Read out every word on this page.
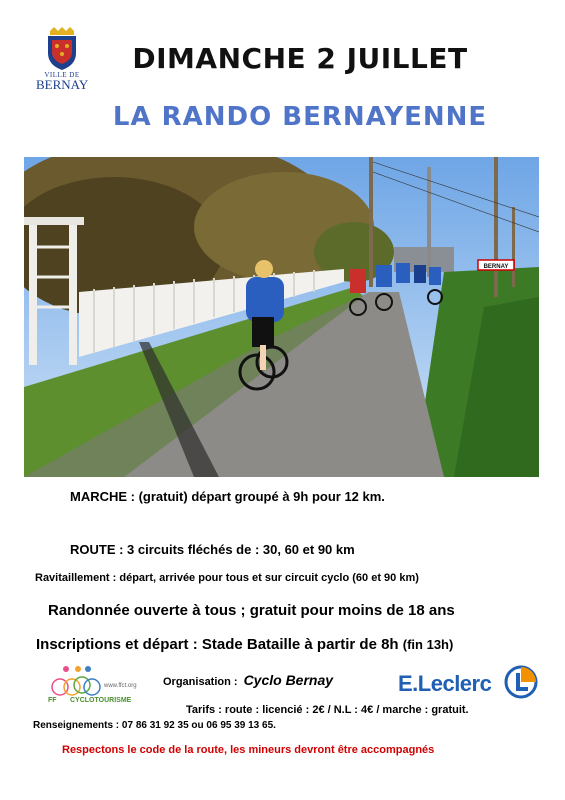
VILLE DE
BERNAY
DIMANCHE 2 JUILLET
LA RANDO BERNAYENNE
BERNAY
MARCHE : (gratuit) départ groupé à 9h pour 12 km.
ROUTE : 3 circuits fléchés de : 30, 60 et 90 km
Ravitaillement : départ, arrivée pour tous et sur circuit cyclo (60 et 90 km)
Randonnée ouverte à tous ; gratuit pour moins de 18 ans
Inscriptions et départ : Stade Bataille à partir de 8h (fin 13h)
www.ffct.org
FF CYCLOTOURISME
Organisation : Cyclo Bernay	E.Leclerc
Tarifs : route : licencié : 2€ / N.L : 4€ / marche : gratuit.
Renseignements : 07 86 31 92 35 ou 06 95 39 13 65.
Respectons le code de la route, les mineurs devront être accompagnés
